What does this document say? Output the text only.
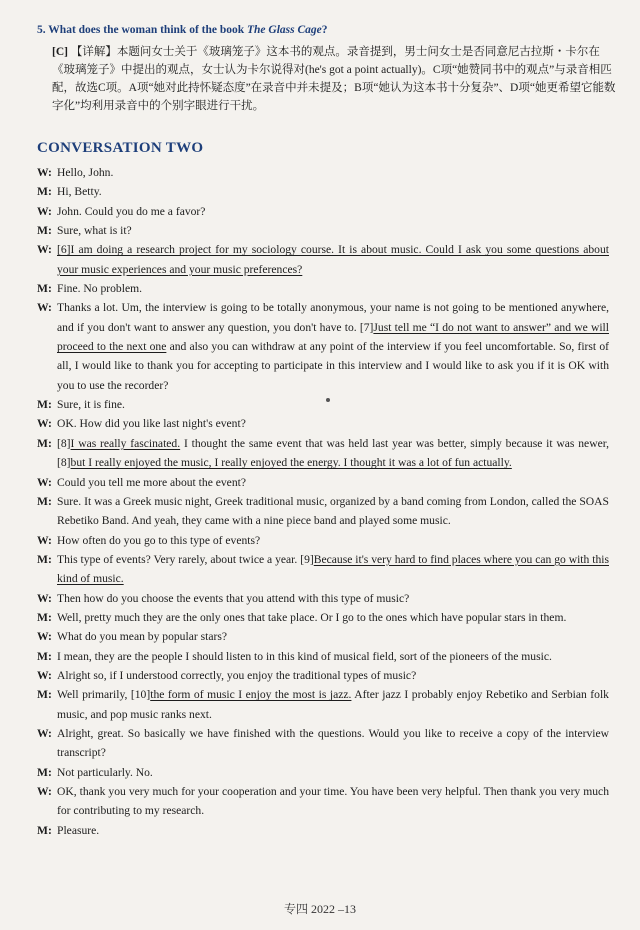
5. What does the woman think of the book The Glass Cage?
[C] 【详解】本题问女士关于《玻璃笼子》这本书的观点。录音提到，男士问女士是否同意尼古拉斯・卡尔在《玻璃笼子》中提出的观点，女士认为卡尔说得对(he's got a point actually)。C项“她赞同书中的观点”与录音相匹配，故选C项。A项“她对此持怀疑态度”在录音中并未提及；B项“她认为这本书十分复杂”、D项“她更希望它能数字化”均利用录音中的个别字眼进行干扰。
CONVERSATION TWO
W: Hello, John.
M: Hi, Betty.
W: John. Could you do me a favor?
M: Sure, what is it?
W: [6]I am doing a research project for my sociology course. It is about music. Could I ask you some questions about your music experiences and your music preferences?
M: Fine. No problem.
W: Thanks a lot. Um, the interview is going to be totally anonymous, your name is not going to be mentioned anywhere, and if you don't want to answer any question, you don't have to. [7]Just tell me “I do not want to answer” and we will proceed to the next one and also you can withdraw at any point of the interview if you feel uncomfortable. So, first of all, I would like to thank you for accepting to participate in this interview and I would like to ask you if it is OK with you to use the recorder?
M: Sure, it is fine.
W: OK. How did you like last night's event?
M: [8]I was really fascinated. I thought the same event that was held last year was better, simply because it was newer, [8]but I really enjoyed the music, I really enjoyed the energy. I thought it was a lot of fun actually.
W: Could you tell me more about the event?
M: Sure. It was a Greek music night, Greek traditional music, organized by a band coming from London, called the SOAS Rebetiko Band. And yeah, they came with a nine piece band and played some music.
W: How often do you go to this type of events?
M: This type of events? Very rarely, about twice a year. [9]Because it's very hard to find places where you can go with this kind of music.
W: Then how do you choose the events that you attend with this type of music?
M: Well, pretty much they are the only ones that take place. Or I go to the ones which have popular stars in them.
W: What do you mean by popular stars?
M: I mean, they are the people I should listen to in this kind of musical field, sort of the pioneers of the music.
W: Alright so, if I understood correctly, you enjoy the traditional types of music?
M: Well primarily, [10]the form of music I enjoy the most is jazz. After jazz I probably enjoy Rebetiko and Serbian folk music, and pop music ranks next.
W: Alright, great. So basically we have finished with the questions. Would you like to receive a copy of the interview transcript?
M: Not particularly. No.
W: OK, thank you very much for your cooperation and your time. You have been very helpful. Then thank you very much for contributing to my research.
M: Pleasure.
专四 2022 –13
